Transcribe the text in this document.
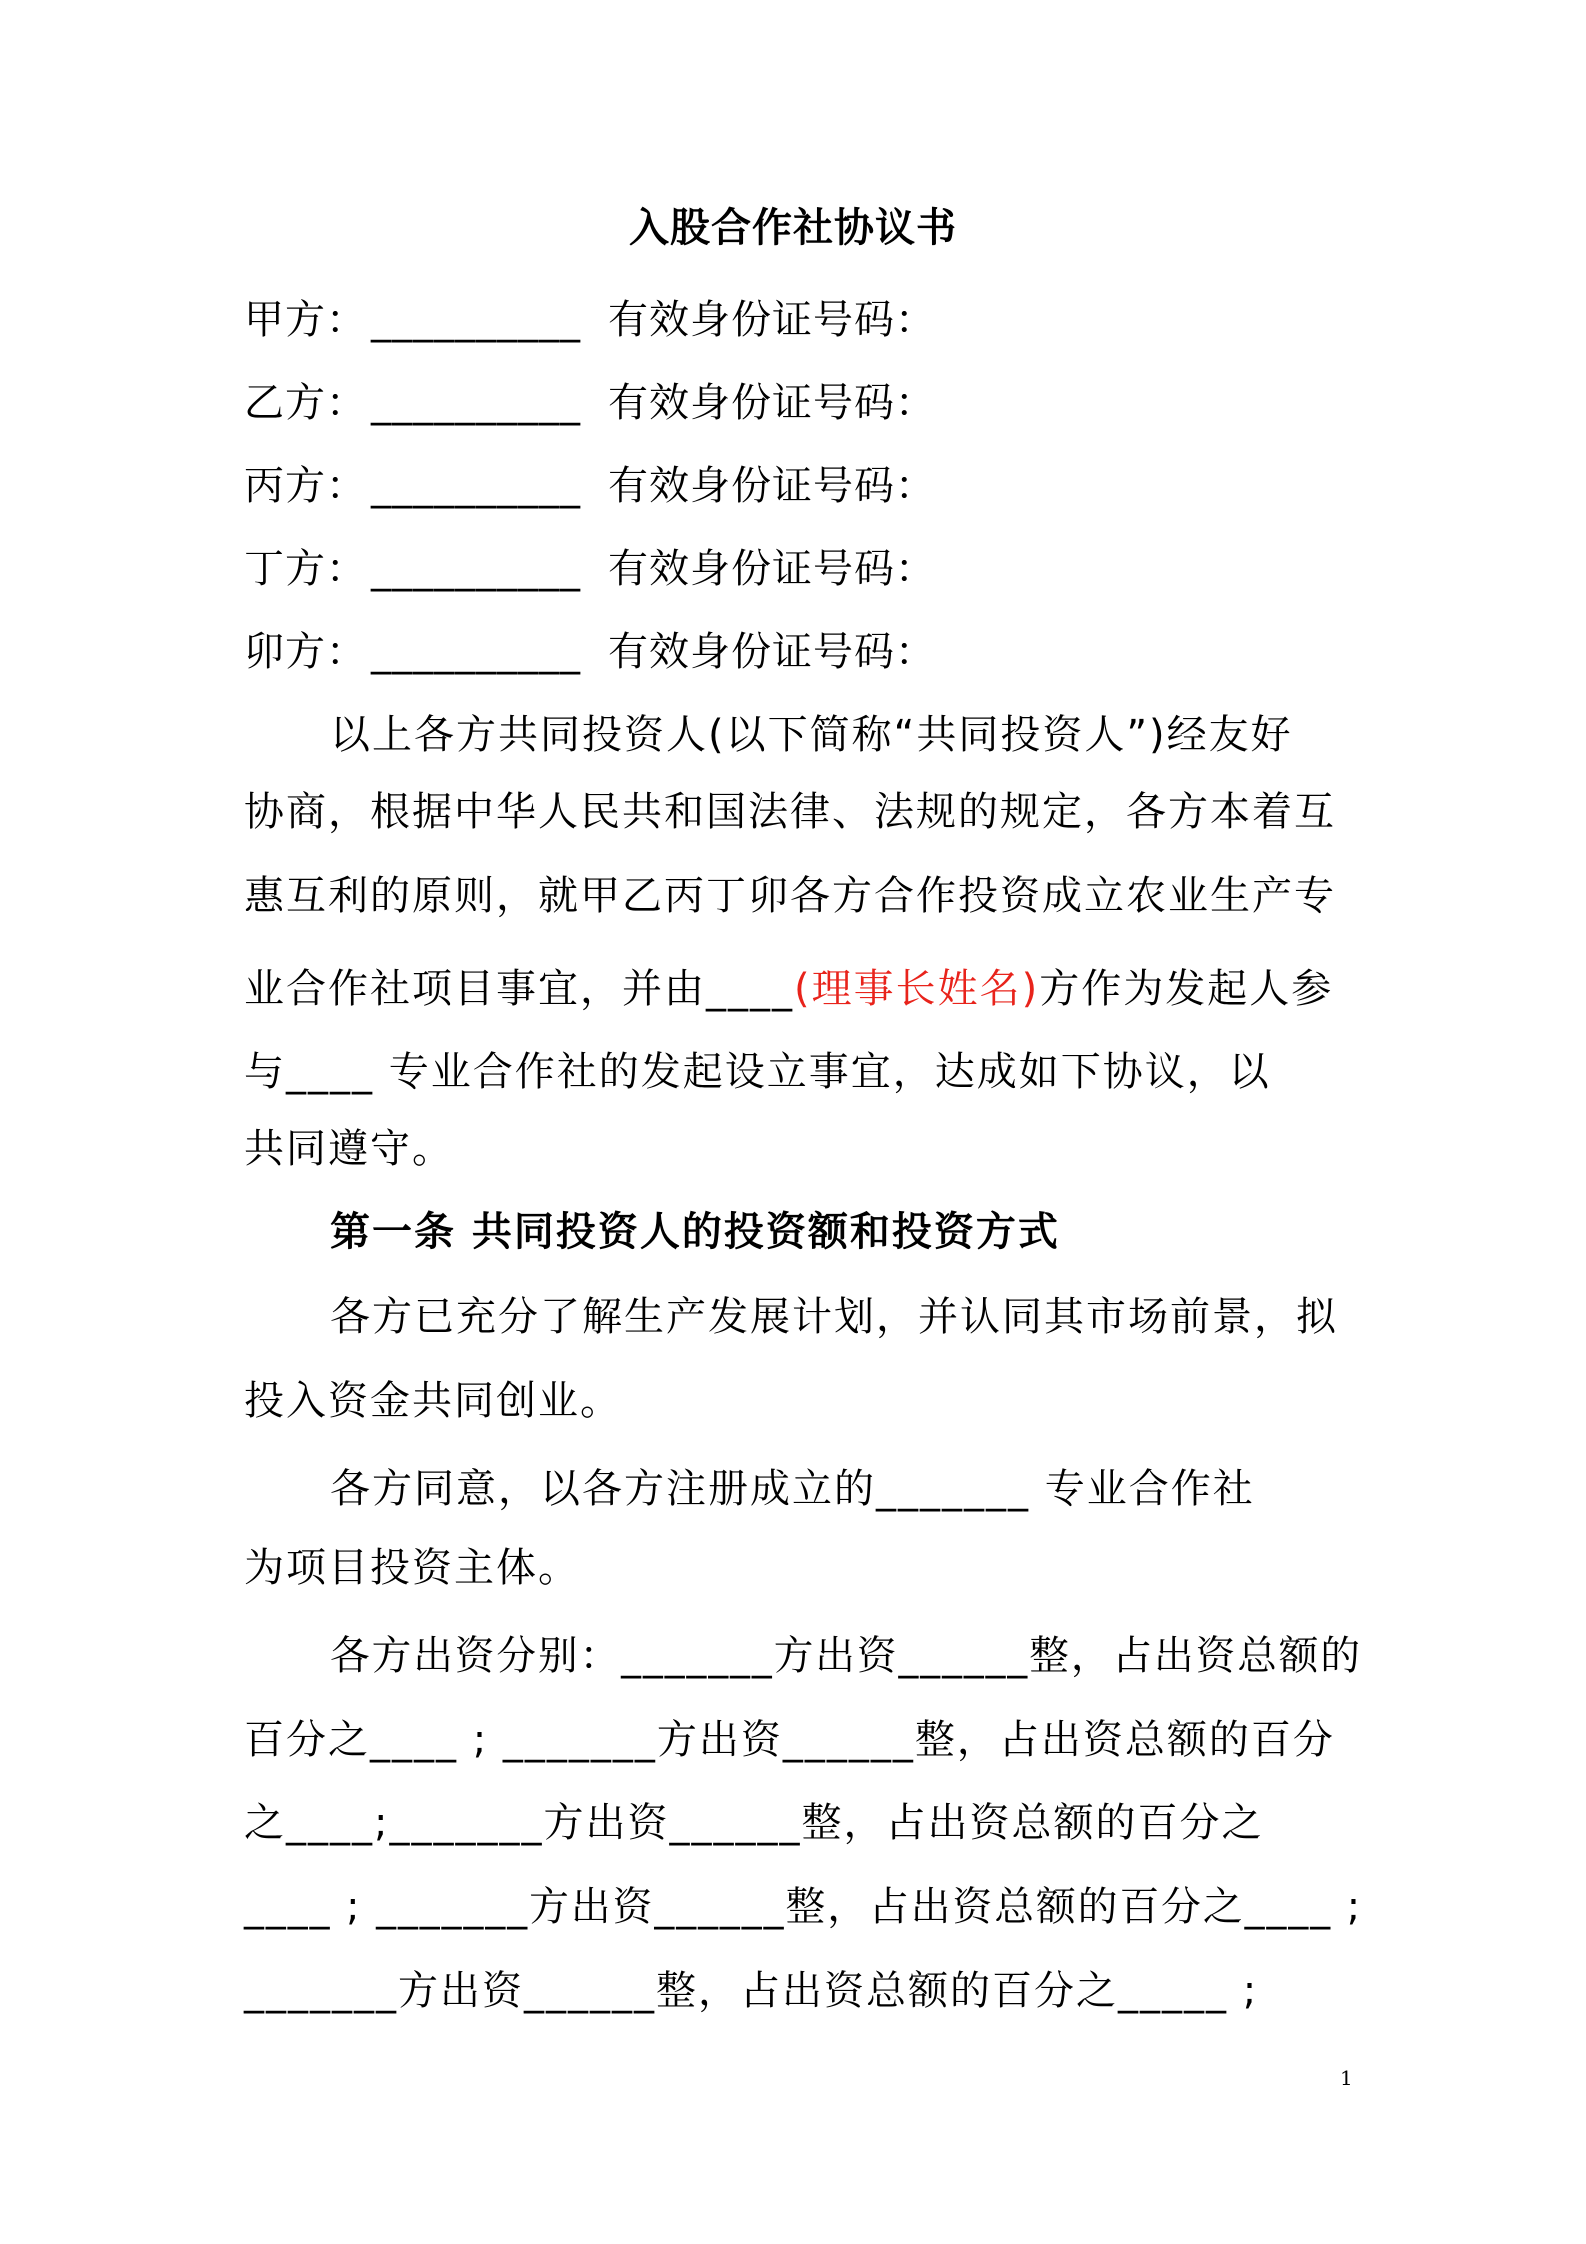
入股合作社协议书
甲方： __________ 有效身份证号码：
乙方： __________ 有效身份证号码：
丙方： __________ 有效身份证号码：
丁方： __________ 有效身份证号码：
卯方： __________ 有效身份证号码：
以上各方共同投资人(以下简称“共同投资人”)经友好
协商，根据中华人民共和国法律、法规的规定，各方本着互
惠互利的原则，就甲乙丙丁卯各方合作投资成立农业生产专
业合作社项目事宜，并由____(理事长姓名)方作为发起人参
与____ 专业合作社的发起设立事宜，达成如下协议，以
共同遵守。
第一条 共同投资人的投资额和投资方式
各方已充分了解生产发展计划，并认同其市场前景，拟
投入资金共同创业。
各方同意，以各方注册成立的_______ 专业合作社
为项目投资主体。
各方出资分别：_______方出资______整，占出资总额的
百分之____ ; _______方出资______整，占出资总额的百分
之____;_______方出资______整，占出资总额的百分之
____ ; _______方出资______整，占出资总额的百分之____ ;
_______方出资______整，占出资总额的百分之_____ ;
1
